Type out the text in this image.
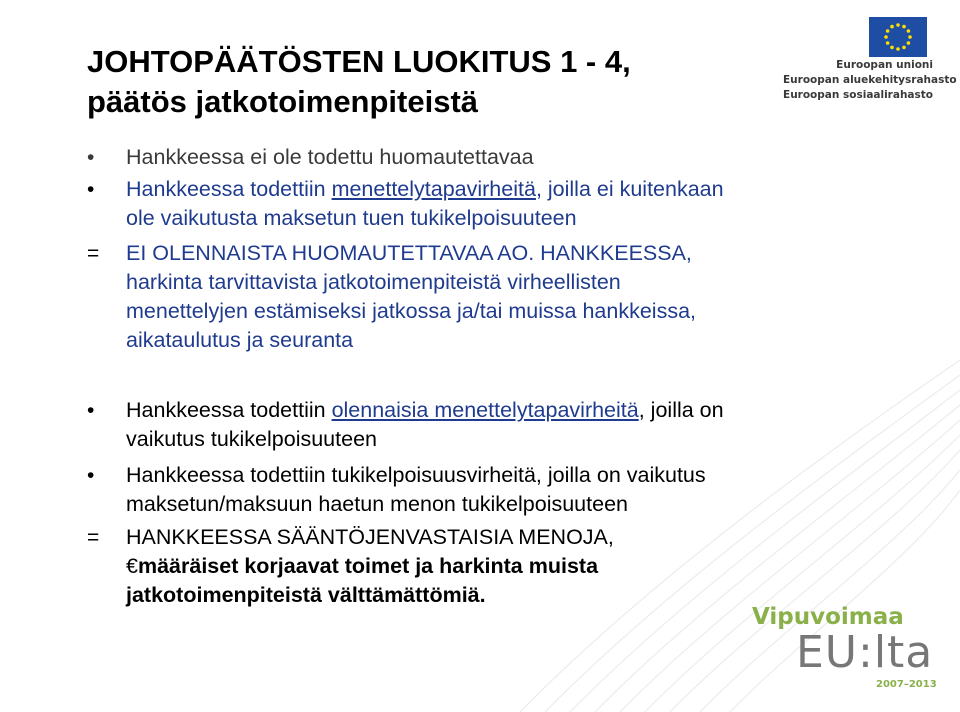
JOHTOPÄÄTÖSTEN LUOKITUS 1 - 4,
päätös jatkotoimenpiteistä
Euroopan unioni
Euroopan aluekehitysrahasto
Euroopan sosiaalirahasto
• Hankkeessa ei ole todettu huomautettavaa
• Hankkeessa todettiin menettelytapavirheitä, joilla ei kuitenkaan
ole vaikutusta maksetun tuen tukikelpoisuuteen
= EI OLENNAISTA HUOMAUTETTAVAA AO. HANKKEESSA,
harkinta tarvittavista jatkotoimenpiteistä virheellisten
menettelyjen estämiseksi jatkossa ja/tai muissa hankkeissa,
aikataulutus ja seuranta
• Hankkeessa todettiin olennaisia menettelytapavirheitä, joilla on
vaikutus tukikelpoisuuteen
• Hankkeessa todettiin tukikelpoisuusvirheitä, joilla on vaikutus
maksetun/maksuun haetun menon tukikelpoisuuteen
= HANKKEESSA SÄÄNTÖJENVASTAISIA MENOJA,
€määräiset korjaavat toimet ja harkinta muista
jatkotoimenpiteistä välttämättömiä.
Vipuvoimaa
EU:lta
2007–2013
